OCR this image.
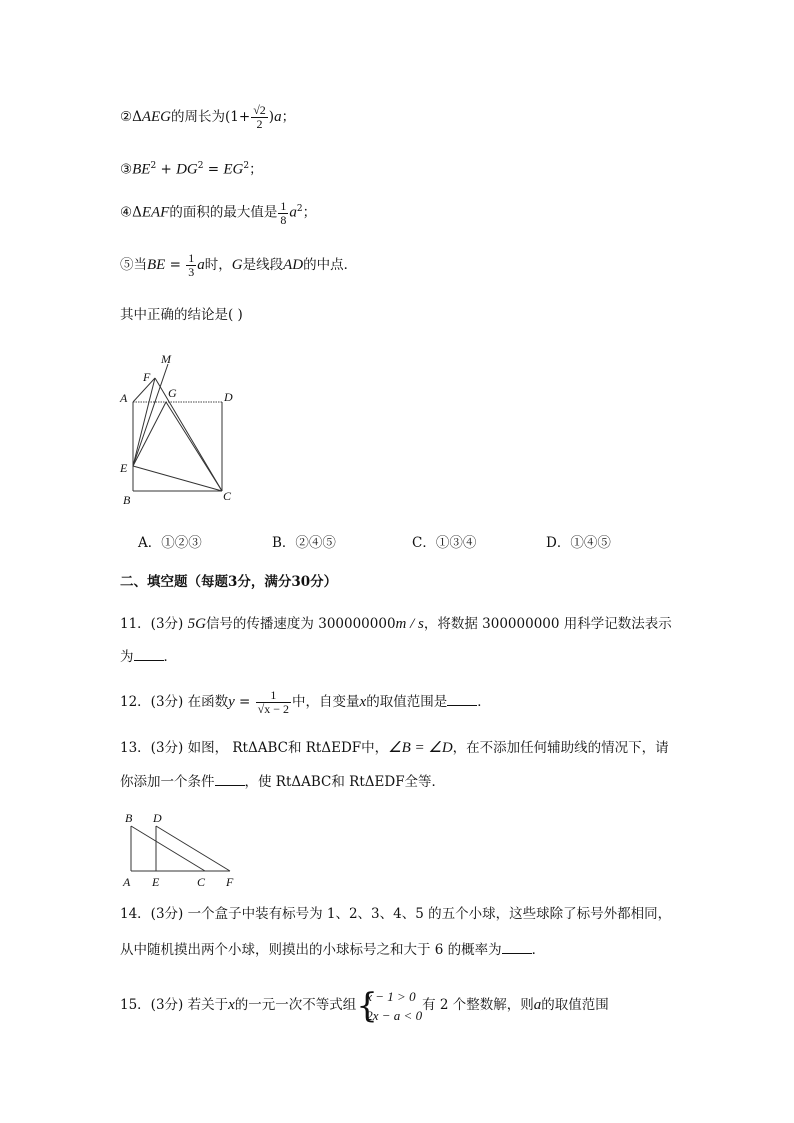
②ΔAEG的周长为$(1+ \frac{√2}{2} )a$；
$③BE^2 + DG^2 = EG^2$；
④ΔEAF的面积的最大值是 $\frac{1}{8} a^2$；
⑤当BE = $\frac{1}{3}$ a时，G是线段AD的中点．
其中正确的结论是( )
M
F
G
A	D
E
B	C
A．①②③	B．②④⑤	C．①③④	D．①④⑤
二、填空题（每题3分，满分30分）
11．(3分) 5G信号的传播速度为 300000000m / s，将数据 300000000 用科学记数法表示
为 ．
12．(3分) 在函数$y = \frac{1}{√x - 2}$ 中，自变量x的取值范围是 ．
13．(3分) 如图， RtΔABC和 RtΔEDF中，∠B = ∠D，在不添加任何辅助线的情况下，请
你添加一个条件 ，使 RtΔABC和 RtΔEDF全等．
B D
A E	C F
14．(3分) 一个盒子中装有标号为 1、2、3、4、5 的五个小球，这些球除了标号外都相同，
从中随机摸出两个小球，则摸出的小球标号之和大于 6 的概率为 ．
15．(3分) 若关于x的一元一次不等式组 {
x − 1 > 0
2x − a < 0
有 2 个整数解，则a的取值范围
